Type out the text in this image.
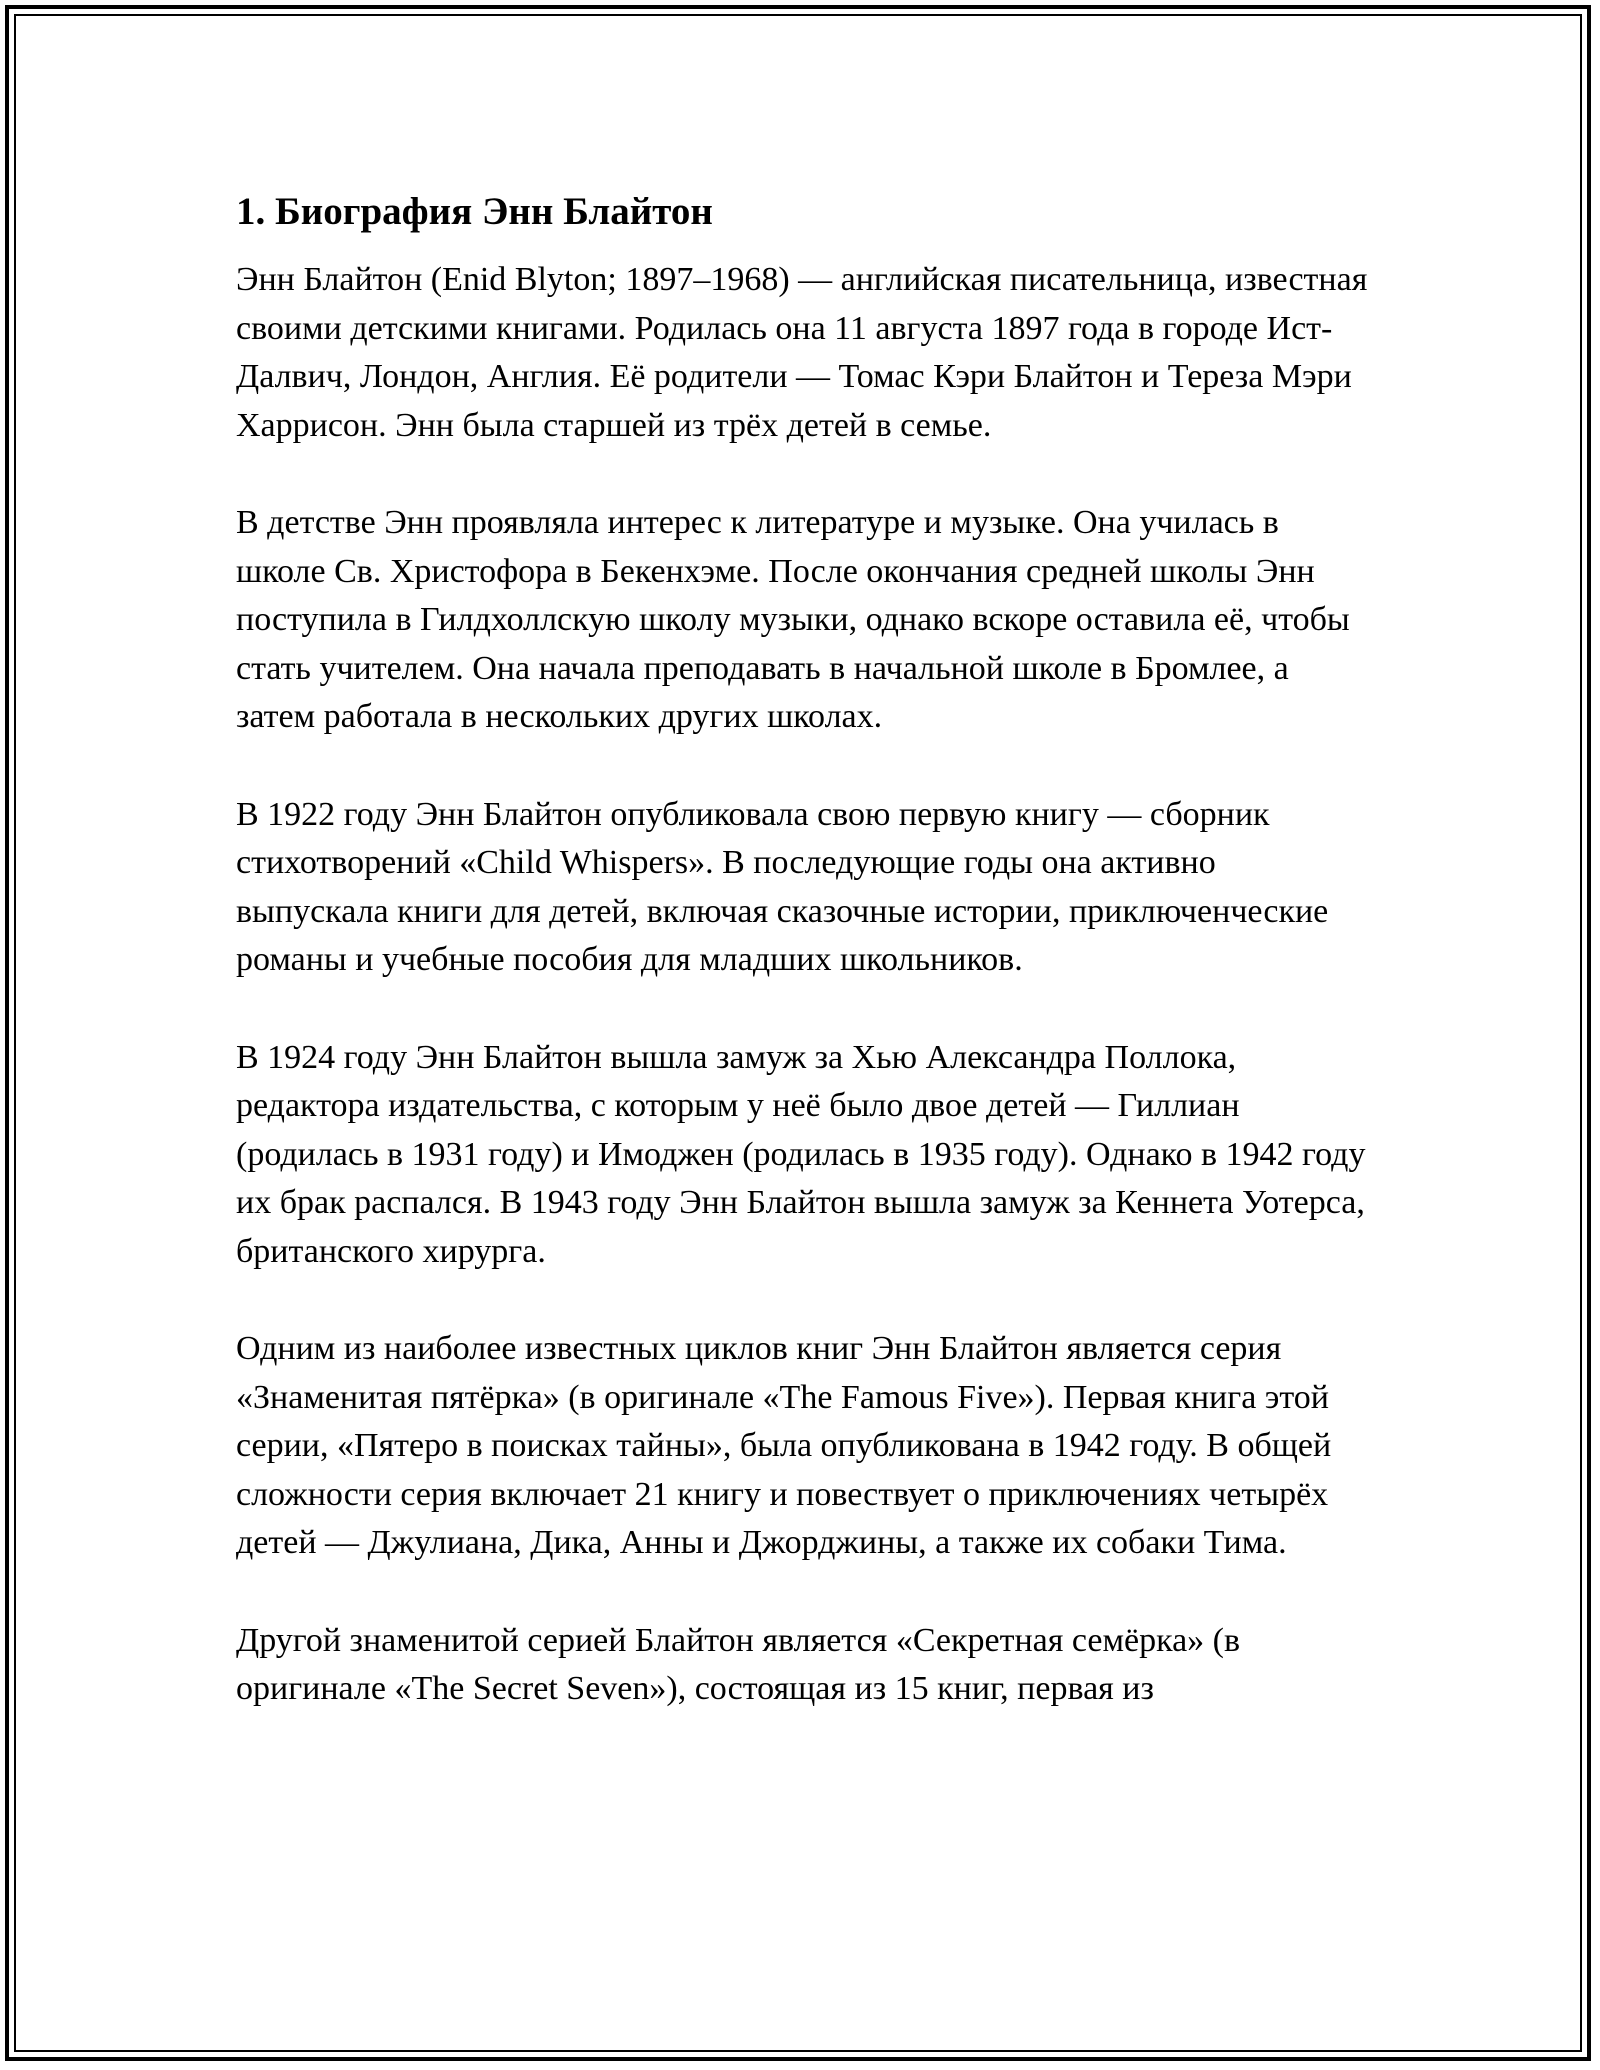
1. Биография Энн Блайтон

Энн Блайтон (Enid Blyton; 1897–1968) — английская писательница, известная своими детскими книгами. Родилась она 11 августа 1897 года в городе Ист-Далвич, Лондон, Англия. Её родители — Томас Кэри Блайтон и Тереза Мэри Харрисон. Энн была старшей из трёх детей в семье.

В детстве Энн проявляла интерес к литературе и музыке. Она училась в школе Св. Христофора в Бекенхэме. После окончания средней школы Энн поступила в Гилдхоллскую школу музыки, однако вскоре оставила её, чтобы стать учителем. Она начала преподавать в начальной школе в Бромлее, а затем работала в нескольких других школах.

В 1922 году Энн Блайтон опубликовала свою первую книгу — сборник стихотворений «Child Whispers». В последующие годы она активно выпускала книги для детей, включая сказочные истории, приключенческие романы и учебные пособия для младших школьников.

В 1924 году Энн Блайтон вышла замуж за Хью Александра Поллока, редактора издательства, с которым у неё было двое детей — Гиллиан (родилась в 1931 году) и Имоджен (родилась в 1935 году). Однако в 1942 году их брак распался. В 1943 году Энн Блайтон вышла замуж за Кеннета Уотерса, британского хирурга.

Одним из наиболее известных циклов книг Энн Блайтон является серия «Знаменитая пятёрка» (в оригинале «The Famous Five»). Первая книга этой серии, «Пятеро в поисках тайны», была опубликована в 1942 году. В общей сложности серия включает 21 книгу и повествует о приключениях четырёх детей — Джулиана, Дика, Анны и Джорджины, а также их собаки Тима.

Другой знаменитой серией Блайтон является «Секретная семёрка» (в оригинале «The Secret Seven»), состоящая из 15 книг, первая из
